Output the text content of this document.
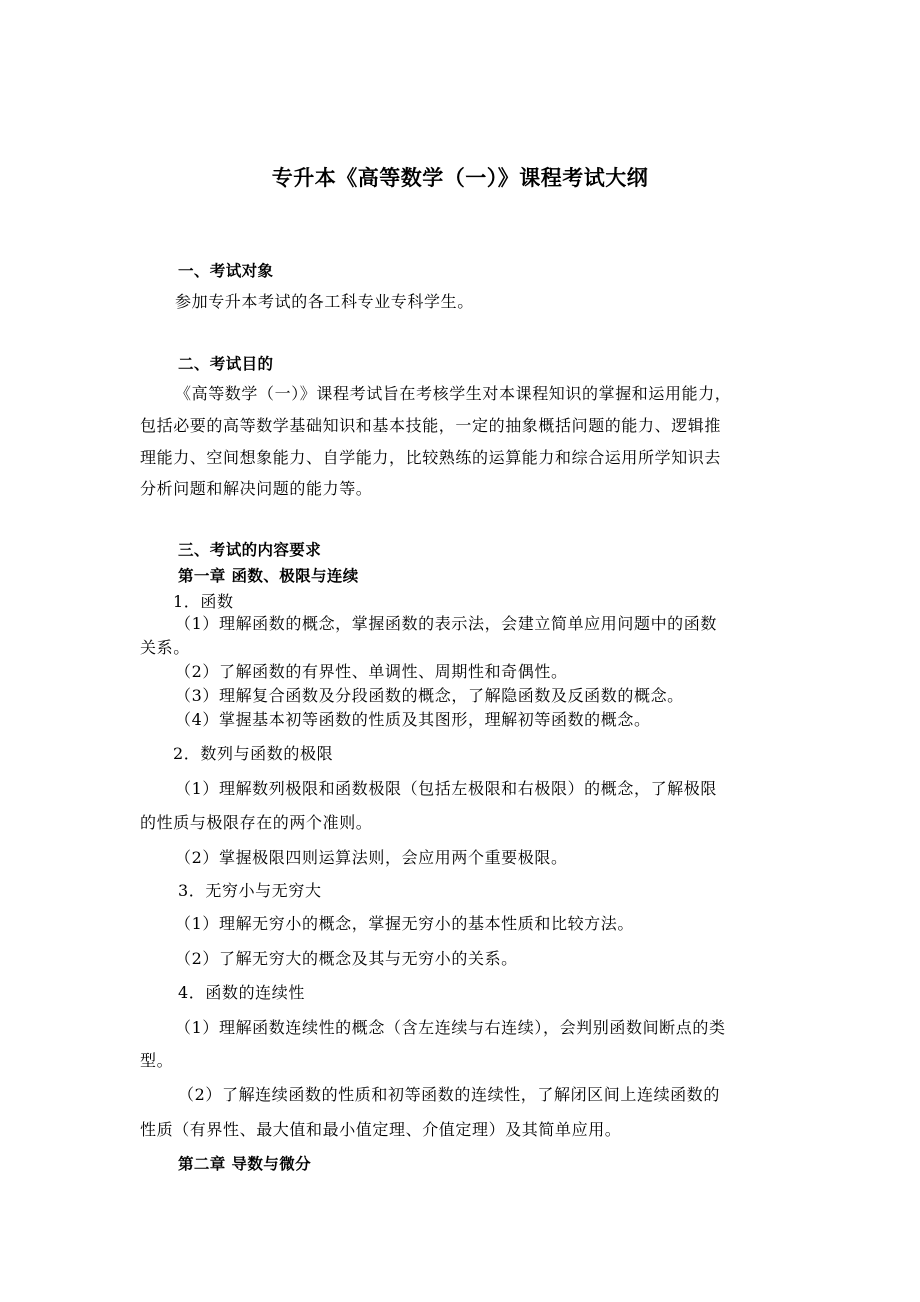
专升本《高等数学（一）》课程考试大纲

一、考试对象

参加专升本考试的各工科专业专科学生。

二、考试目的

《高等数学（一）》课程考试旨在考核学生对本课程知识的掌握和运用能力，

包括必要的高等数学基础知识和基本技能，一定的抽象概括问题的能力、逻辑推

理能力、空间想象能力、自学能力，比较熟练的运算能力和综合运用所学知识去

分析问题和解决问题的能力等。

三、考试的内容要求

第一章 函数、极限与连续

1．函数

（1）理解函数的概念，掌握函数的表示法，会建立简单应用问题中的函数

关系。

（2）了解函数的有界性、单调性、周期性和奇偶性。

（3）理解复合函数及分段函数的概念，了解隐函数及反函数的概念。

（4）掌握基本初等函数的性质及其图形，理解初等函数的概念。

2．数列与函数的极限

（1）理解数列极限和函数极限（包括左极限和右极限）的概念，了解极限

的性质与极限存在的两个准则。

（2）掌握极限四则运算法则，会应用两个重要极限。

3．无穷小与无穷大

（1）理解无穷小的概念，掌握无穷小的基本性质和比较方法。

（2）了解无穷大的概念及其与无穷小的关系。

4．函数的连续性

（1）理解函数连续性的概念（含左连续与右连续），会判别函数间断点的类

型。

（2）了解连续函数的性质和初等函数的连续性，了解闭区间上连续函数的

性质（有界性、最大值和最小值定理、介值定理）及其简单应用。

第二章 导数与微分
